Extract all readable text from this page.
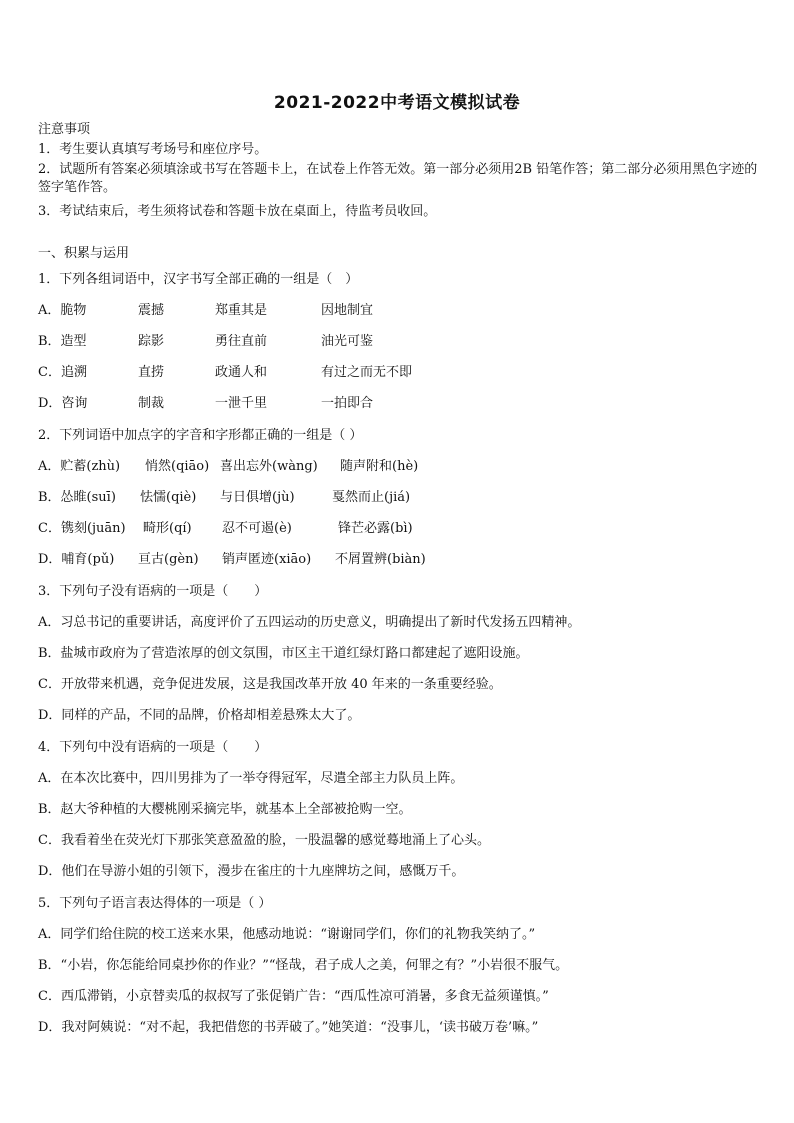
2021-2022中考语文模拟试卷
注意事项
1．考生要认真填写考场号和座位序号。
2．试题所有答案必须填涂或书写在答题卡上，在试卷上作答无效。第一部分必须用2B 铅笔作答；第二部分必须用黑色字迹的签字笔作答。
3．考试结束后，考生须将试卷和答题卡放在桌面上，待监考员收回。
一、积累与运用
1．下列各组词语中，汉字书写全部正确的一组是（　）
A．脆物	震撼	郑重其是	因地制宜
B．造型	踪影	勇往直前	油光可鉴
C．追溯	直捞	政通人和	有过之而无不即
D．咨询	制裁	一泄千里	一拍即合
2．下列词语中加点字的字音和字形都正确的一组是（ ）
A．贮蓄(zhù) 悄然(qiāo) 喜出忘外(wàng) 随声附和(hè)
B．怂睢(suī) 怯懦(qiè) 与日俱增(jù)	戛然而止(jiá)
C．镌刻(juān) 畸形(qí) 忍不可遏(è)	锋芒必露(bì)
D．哺育(pǔ) 亘古(gèn) 销声匿迹(xiāo) 不屑置辨(biàn)
3．下列句子没有语病的一项是（　　）
A．习总书记的重要讲话，高度评价了五四运动的历史意义，明确提出了新时代发扬五四精神。
B．盐城市政府为了营造浓厚的创文氛围，市区主干道红绿灯路口都建起了遮阳设施。
C．开放带来机遇，竞争促进发展，这是我国改革开放 40 年来的一条重要经验。
D．同样的产品，不同的品牌，价格却相差悬殊太大了。
4．下列句中没有语病的一项是（　　）
A．在本次比赛中，四川男排为了一举夺得冠军，尽遣全部主力队员上阵。
B．赵大爷种植的大樱桃刚采摘完毕，就基本上全部被抢购一空。
C．我看着坐在荧光灯下那张笑意盈盈的脸，一股温馨的感觉蓦地涌上了心头。
D．他们在导游小姐的引领下，漫步在雀庄的十九座牌坊之间，感慨万千。
5．下列句子语言表达得体的一项是（ ）
A．同学们给住院的校工送来水果，他感动地说：“谢谢同学们，你们的礼物我笑纳了。”
B．“小岩，你怎能给同桌抄你的作业？”“怪哉，君子成人之美，何罪之有？”小岩很不服气。
C．西瓜滞销，小京替卖瓜的叔叔写了张促销广告：“西瓜性凉可消暑，多食无益须谨慎。”
D．我对阿姨说：“对不起，我把借您的书弄破了。”她笑道：“没事儿，‘读书破万卷’嘛。”
